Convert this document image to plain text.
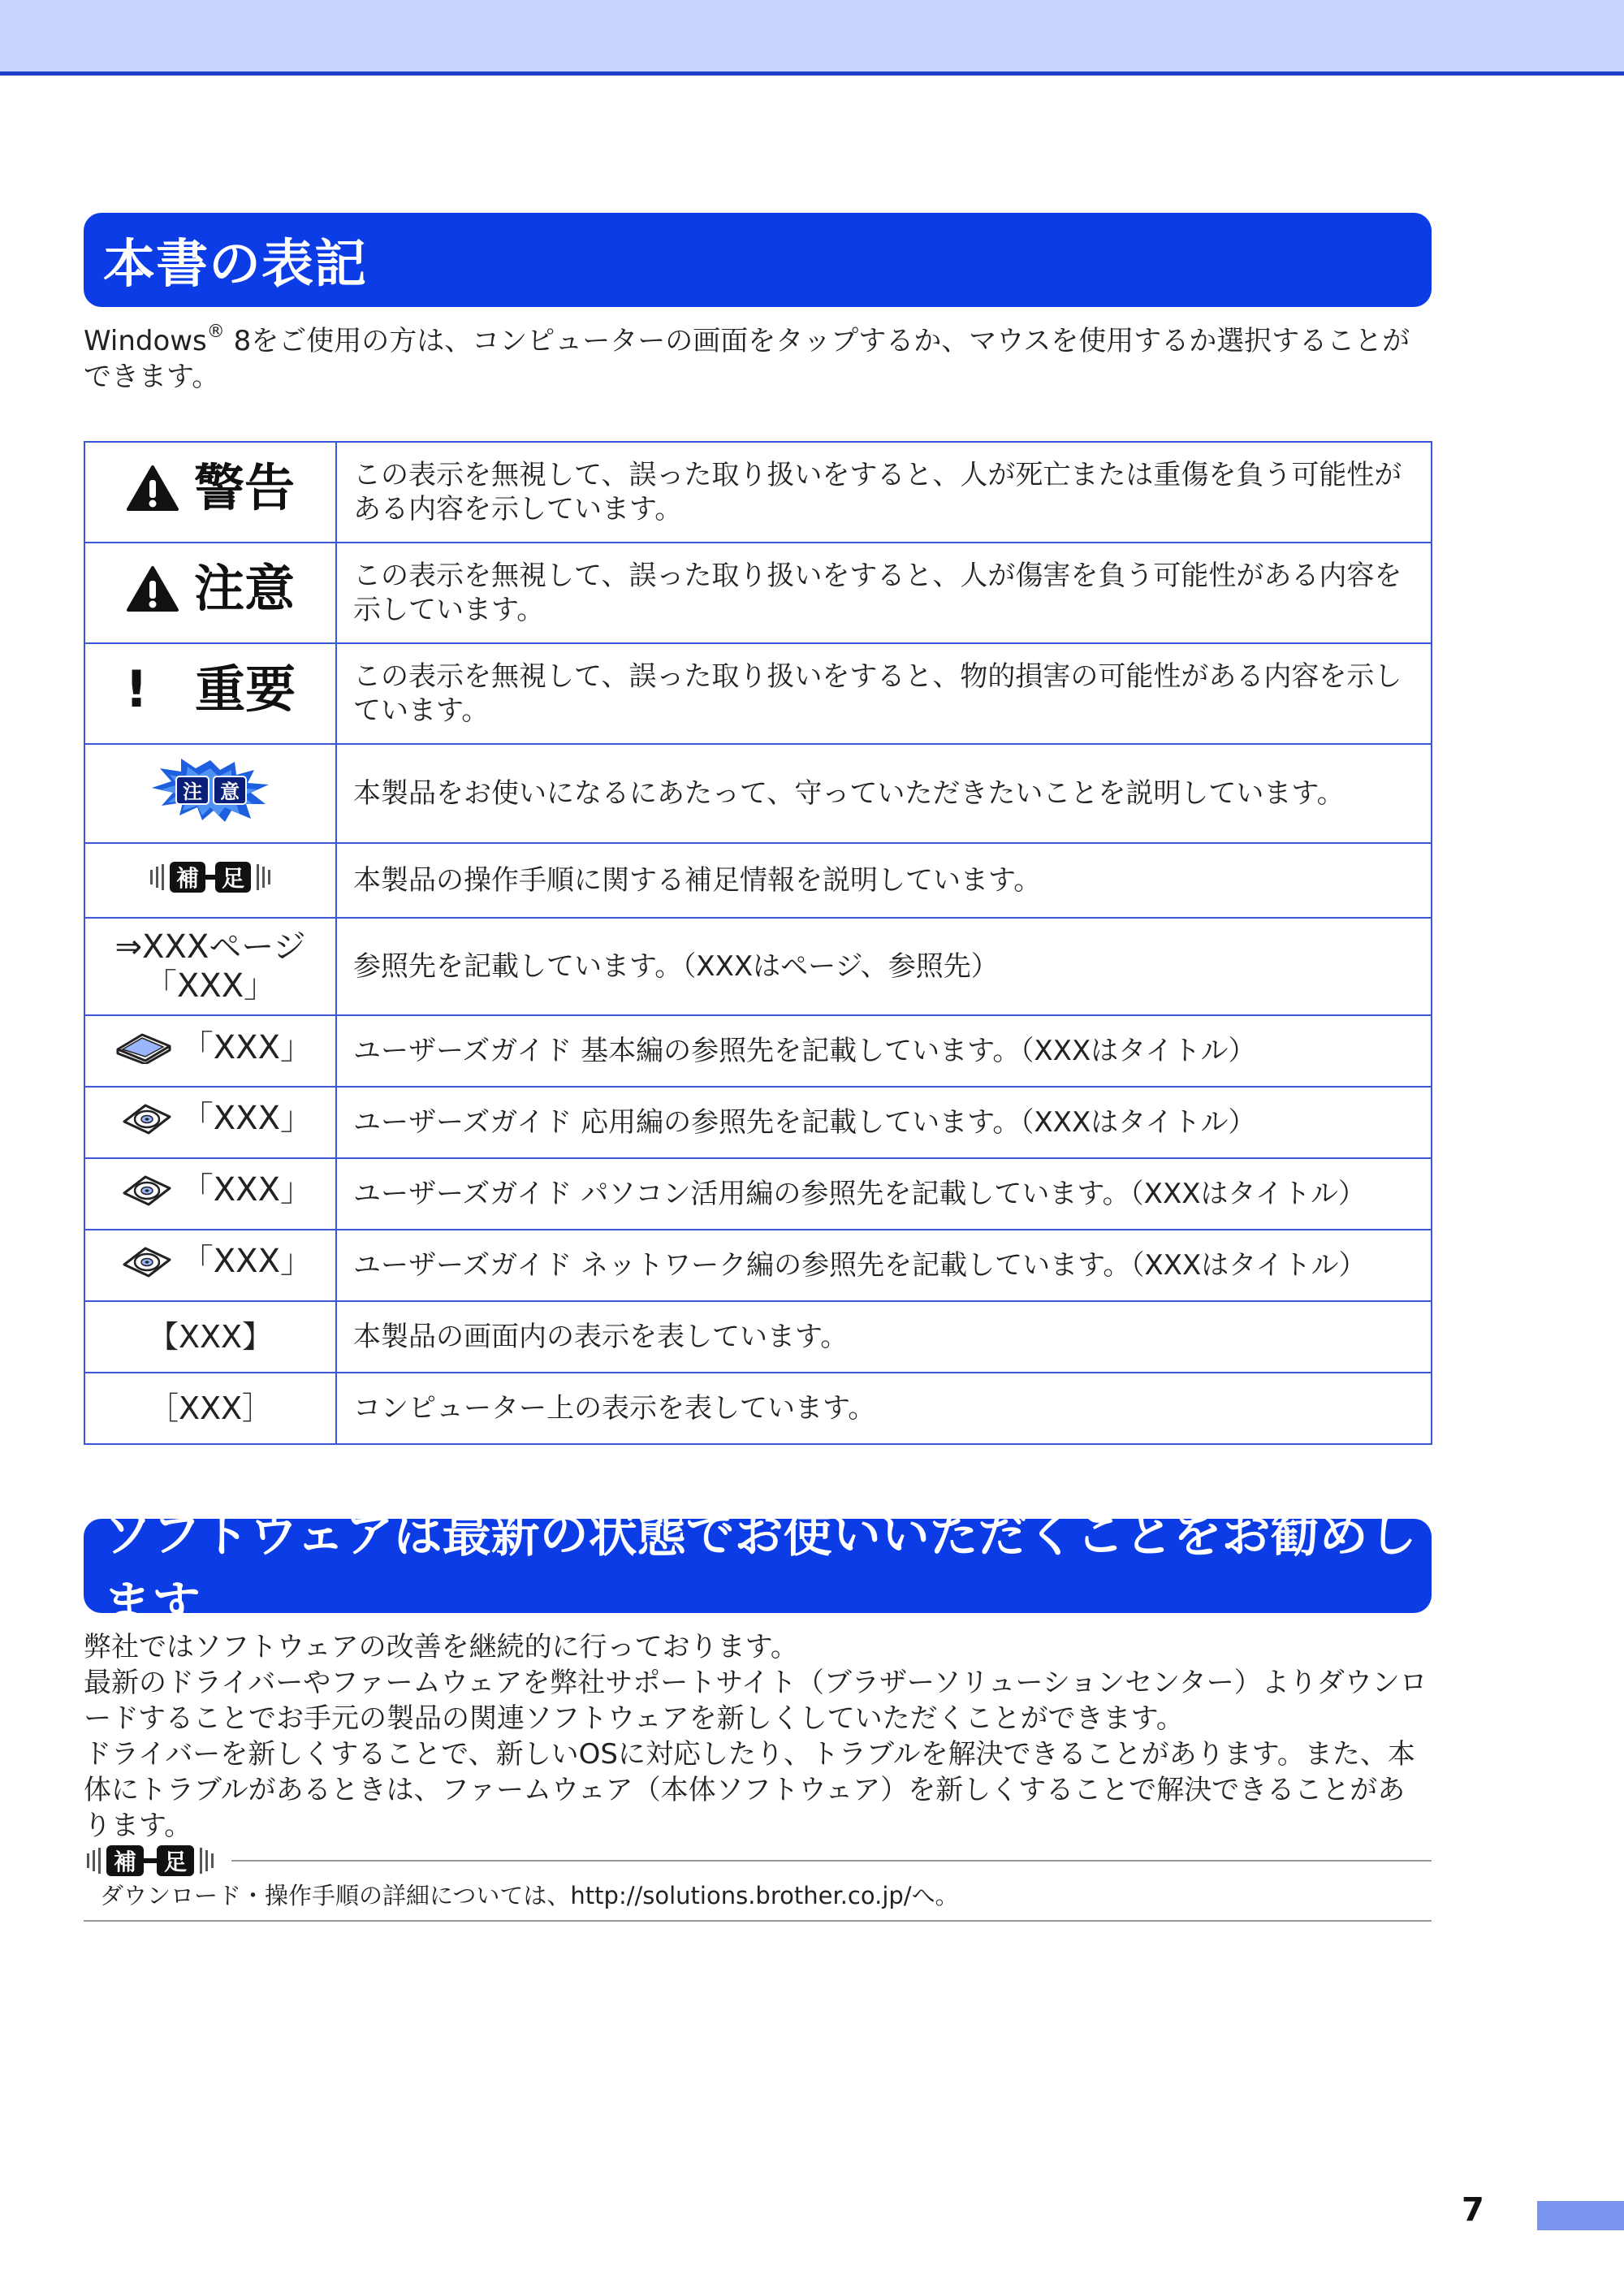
本書の表記
Windows® 8をご使用の方は、コンピューターの画面をタップするか、マウスを使用するか選択することができます。
警告	この表示を無視して、誤った取り扱いをすると、人が死亡または重傷を負う可能性がある内容を示しています。

注意	この表示を無視して、誤った取り扱いをすると、人が傷害を負う可能性がある内容を示しています。

! 重要	この表示を無視して、誤った取り扱いをすると、物的損害の可能性がある内容を示しています。

注 意	本製品をお使いになるにあたって、守っていただきたいことを説明しています。

補 足	本製品の操作手順に関する補足情報を説明しています。

⇒XXXページ
「XXX」	参照先を記載しています。（XXXはページ、参照先）

「XXX」	ユーザーズガイド 基本編の参照先を記載しています。（XXXはタイトル）

「XXX」	ユーザーズガイド 応用編の参照先を記載しています。（XXXはタイトル）

「XXX」	ユーザーズガイド パソコン活用編の参照先を記載しています。（XXXはタイトル）

「XXX」	ユーザーズガイド ネットワーク編の参照先を記載しています。（XXXはタイトル）
【XXX】	本製品の画面内の表示を表しています。
［XXX］	コンピューター上の表示を表しています。
ソフトウェアは最新の状態でお使いいただくことをお勧めします
弊社ではソフトウェアの改善を継続的に行っております。
最新のドライバーやファームウェアを弊社サポートサイト（ブラザーソリューションセンター）よりダウンロードすることでお手元の製品の関連ソフトウェアを新しくしていただくことができます。
ドライバーを新しくすることで、新しいOSに対応したり、トラブルを解決できることがあります。また、本体にトラブルがあるときは、ファームウェア（本体ソフトウェア）を新しくすることで解決できることがあります。
補 足
ダウンロード・操作手順の詳細については、http://solutions.brother.co.jp/へ。
7
